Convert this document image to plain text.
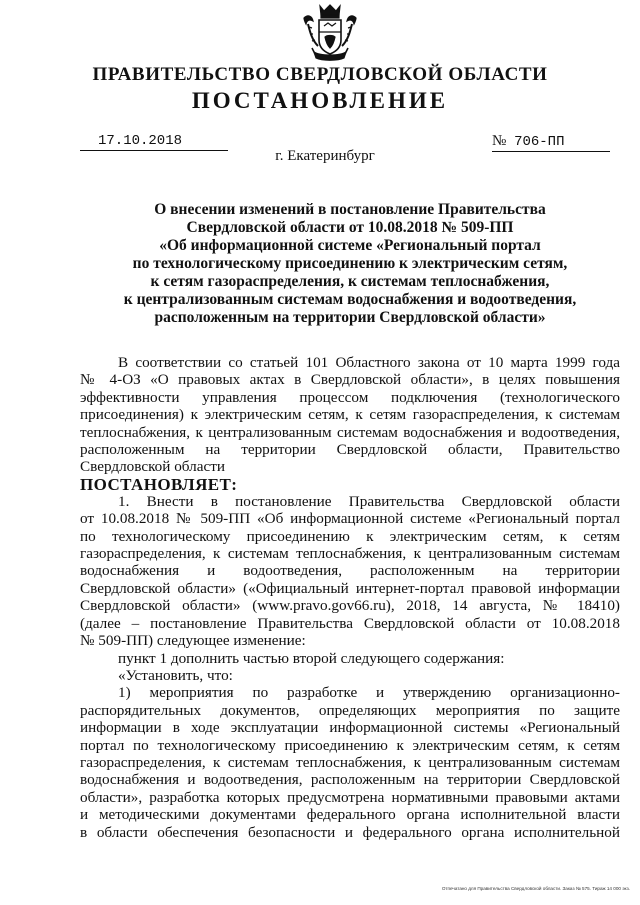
ПРАВИТЕЛЬСТВО СВЕРДЛОВСКОЙ ОБЛАСТИ
ПОСТАНОВЛЕНИЕ
17.10.2018	№ 706-ПП
г. Екатеринбург
О внесении изменений в постановление Правительства
Свердловской области от 10.08.2018 № 509-ПП
«Об информационной системе «Региональный портал
по технологическому присоединению к электрическим сетям,
к сетям газораспределения, к системам теплоснабжения,
к централизованным системам водоснабжения и водоотведения,
расположенным на территории Свердловской области»

В соответствии со статьей 101 Областного закона от 10 марта 1999 года

№ 4-ОЗ «О правовых актах в Свердловской области», в целях повышения

эффективности управления процессом подключения (технологического

присоединения) к электрическим сетям, к сетям газораспределения, к системам

теплоснабжения, к централизованным системам водоснабжения и водоотведения,

расположенным на территории Свердловской области, Правительство

Свердловской области

ПОСТАНОВЛЯЕТ:

1. Внести в постановление Правительства Свердловской области

от 10.08.2018 № 509-ПП «Об информационной системе «Региональный портал

по технологическому присоединению к электрическим сетям, к сетям

газораспределения, к системам теплоснабжения, к централизованным системам

водоснабжения и водоотведения, расположенным на территории

Свердловской области» («Официальный интернет-портал правовой информации

Свердловской области» (www.pravo.gov66.ru), 2018, 14 августа, № 18410)

(далее – постановление Правительства Свердловской области от 10.08.2018

№ 509-ПП) следующее изменение:

пункт 1 дополнить частью второй следующего содержания:

«Установить, что:

1) мероприятия по разработке и утверждению организационно-

распорядительных документов, определяющих мероприятия по защите

информации в ходе эксплуатации информационной системы «Региональный

портал по технологическому присоединению к электрическим сетям, к сетям

газораспределения, к системам теплоснабжения, к централизованным системам

водоснабжения и водоотведения, расположенным на территории Свердловской

области», разработка которых предусмотрена нормативными правовыми актами

и методическими документами федерального органа исполнительной власти

в области обеспечения безопасности и федерального органа исполнительной

Отпечатано для Правительства Свердловской области. Заказ № 575. Тираж 14 000 экз.
